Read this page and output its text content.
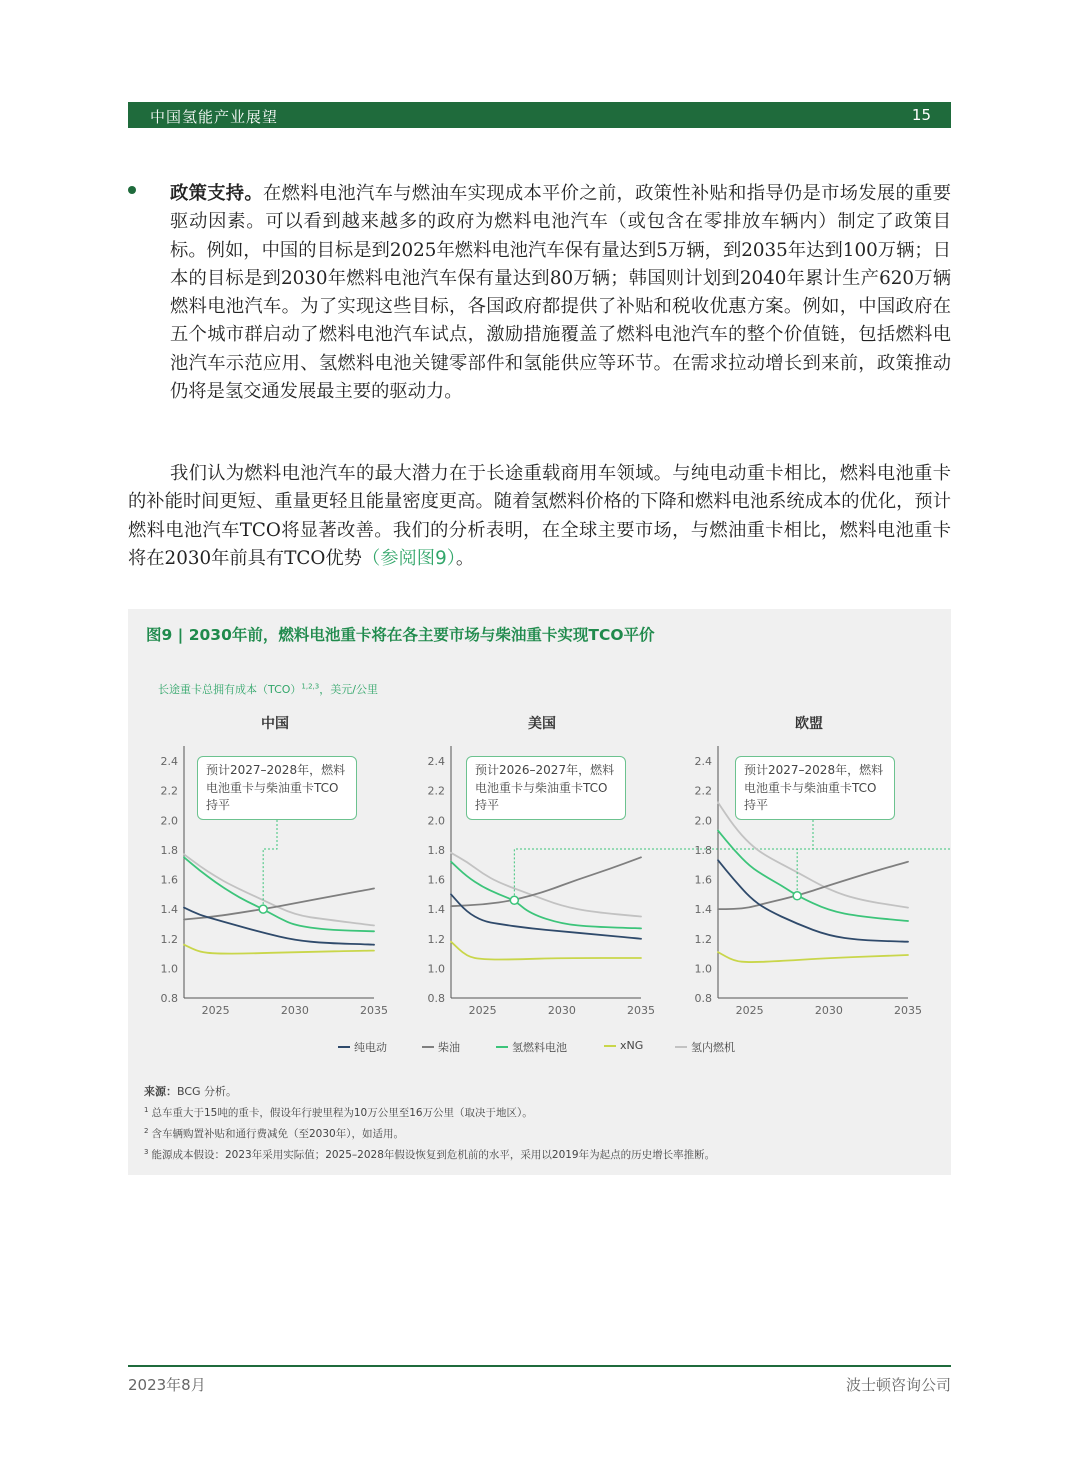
中国氢能产业展望	15
政策支持。在燃料电池汽车与燃油车实现成本平价之前，政策性补贴和指导仍是市场发展的重要驱动因素。可以看到越来越多的政府为燃料电池汽车（或包含在零排放车辆内）制定了政策目标。例如，中国的目标是到2025年燃料电池汽车保有量达到5万辆，到2035年达到100万辆；日本的目标是到2030年燃料电池汽车保有量达到80万辆；韩国则计划到2040年累计生产620万辆燃料电池汽车。为了实现这些目标，各国政府都提供了补贴和税收优惠方案。例如，中国政府在五个城市群启动了燃料电池汽车试点，激励措施覆盖了燃料电池汽车的整个价值链，包括燃料电池汽车示范应用、氢燃料电池关键零部件和氢能供应等环节。在需求拉动增长到来前，政策推动仍将是氢交通发展最主要的驱动力。
我们认为燃料电池汽车的最大潜力在于长途重载商用车领域。与纯电动重卡相比，燃料电池重卡的补能时间更短、重量更轻且能量密度更高。随着氢燃料价格的下降和燃料电池系统成本的优化，预计燃料电池汽车TCO将显著改善。我们的分析表明，在全球主要市场，与燃油重卡相比，燃料电池重卡将在2030年前具有TCO优势（参阅图9）。
图9 | 2030年前，燃料电池重卡将在各主要市场与柴油重卡实现TCO平价
长途重卡总拥有成本（TCO）$^{1,2,3}$，美元/公里
中国	美国	欧盟
0.8
1.0
1.2
1.4
1.6
1.8
2.0
2.2
2.4
2025	2030	2035
0.8
1.0
1.2
1.4
1.6
1.8
2.0
2.2
2.4
2025	2030	2035
0.8
1.0
1.2
1.4
1.6
1.8
2.0
2.2
2.4
2025	2030	2035
预计2027–2028年，燃料电池重卡与柴油重卡TCO持平
预计2026–2027年，燃料电池重卡与柴油重卡TCO持平
预计2027–2028年，燃料电池重卡与柴油重卡TCO持平
纯电动	柴油	氢燃料电池	xNG	氢内燃机
来源：BCG 分析。
$^1$ 总车重大于15吨的重卡，假设年行驶里程为10万公里至16万公里（取决于地区）。
$^2$ 含车辆购置补贴和通行费减免（至2030年），如适用。
$^3$ 能源成本假设：2023年采用实际值；2025–2028年假设恢复到危机前的水平，采用以2019年为起点的历史增长率推断。
2023年8月	波士顿咨询公司
